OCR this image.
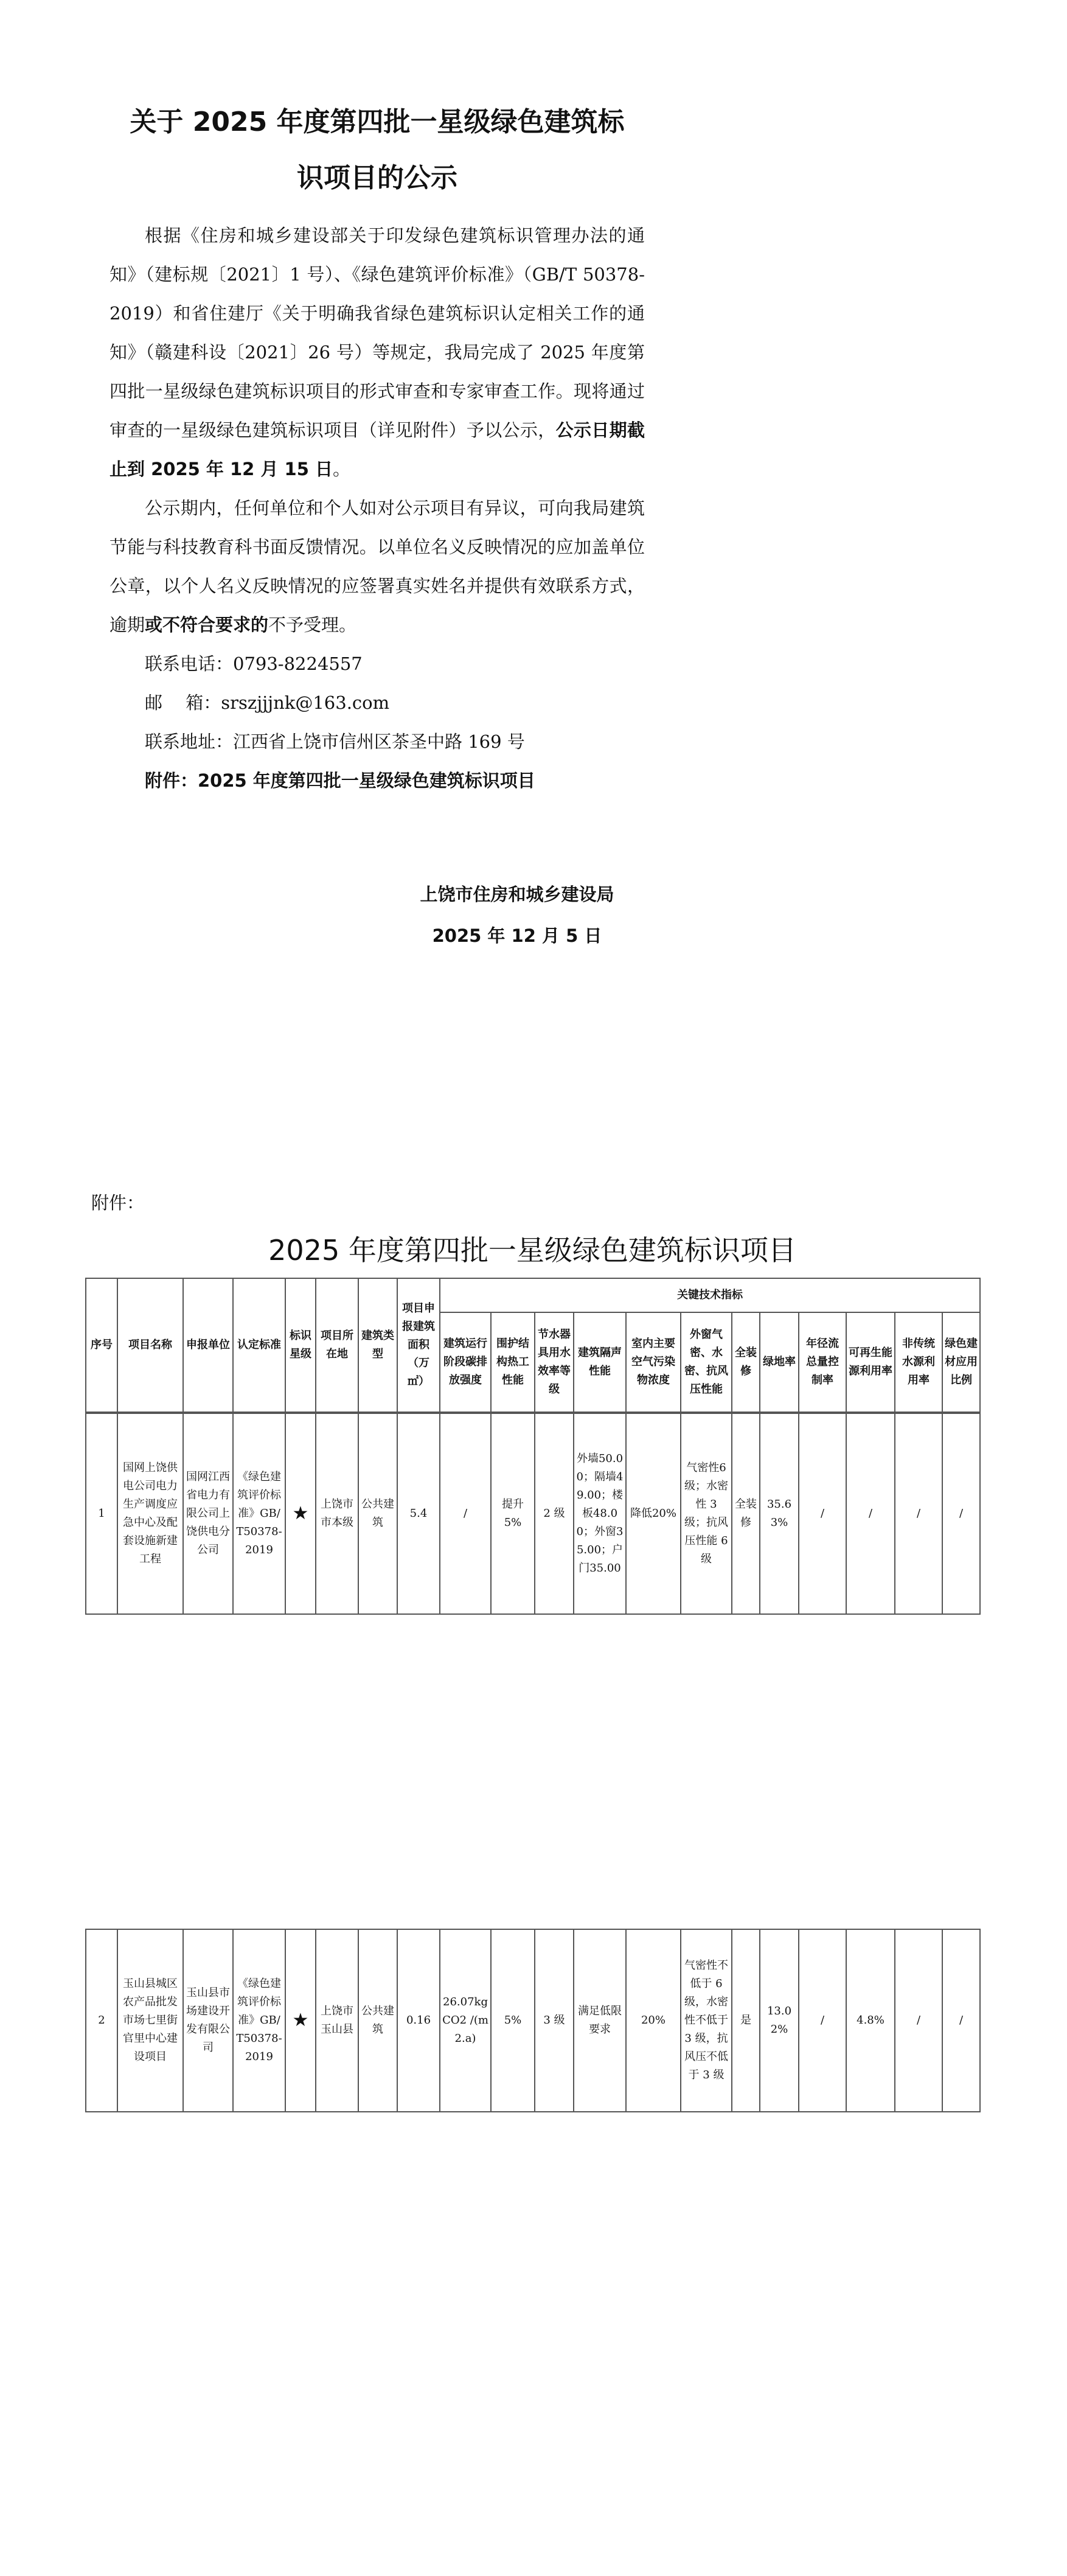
关于 2025 年度第四批一星级绿色建筑标
识项目的公示

根据《住房和城乡建设部关于印发绿色建筑标识管理办法的通知》（建标规〔2021〕1 号）、《绿色建筑评价标准》（GB/T 50378-2019）和省住建厅《关于明确我省绿色建筑标识认定相关工作的通知》（赣建科设〔2021〕26 号）等规定，我局完成了 2025 年度第四批一星级绿色建筑标识项目的形式审查和专家审查工作。现将通过审查的一星级绿色建筑标识项目（详见附件）予以公示，公示日期截止到 2025 年 12 月 15 日。

公示期内，任何单位和个人如对公示项目有异议，可向我局建筑节能与科技教育科书面反馈情况。以单位名义反映情况的应加盖单位公章，以个人名义反映情况的应签署真实姓名并提供有效联系方式，逾期或不符合要求的不予受理。

联系电话：0793-8224557
邮　 箱：srszjjjnk@163.com
联系地址：江西省上饶市信州区茶圣中路 169 号
附件：2025 年度第四批一星级绿色建筑标识项目
上饶市住房和城乡建设局
2025 年 12 月 5 日
附件：
2025 年度第四批一星级绿色建筑标识项目
序号	项目名称	申报单位	认定标准	标识星级	项目所在地	建筑类型	项目申报建筑面积（万㎡）	关键技术指标											
								建筑运行阶段碳排放强度	围护结构热工性能	节水器具用水效率等级	建筑隔声性能	室内主要空气污染物浓度	外窗气密、水密、抗风压性能	全装修	绿地率	年径流总量控制率	可再生能源利用率	非传统水源利用率	绿色建材应用比例
1	国网上饶供电公司电力生产调度应急中心及配套设施新建工程	国网江西省电力有限公司上饶供电分公司	《绿色建筑评价标准》GB/T50378-2019	★	上饶市市本级	公共建筑	5.4	/	提升5%	2 级	外墙50.00；隔墙49.00；楼板48.00；外窗35.00；户门35.00	降低20%	气密性6 级；水密性 3 级；抗风压性能 6 级	全装修	35.63%	/	/	/	/
2	玉山县城区农产品批发市场七里街官里中心建设项目	玉山县市场建设开发有限公司	《绿色建筑评价标准》GB/T50378-2019	★	上饶市玉山县	公共建筑	0.16	26.07kg CO2 /(m2.a)	5%	3 级	满足低限要求	20%	气密性不低于 6 级，水密性不低于 3 级，抗风压不低于 3 级	是	13.02%	/	4.8%	/	/
